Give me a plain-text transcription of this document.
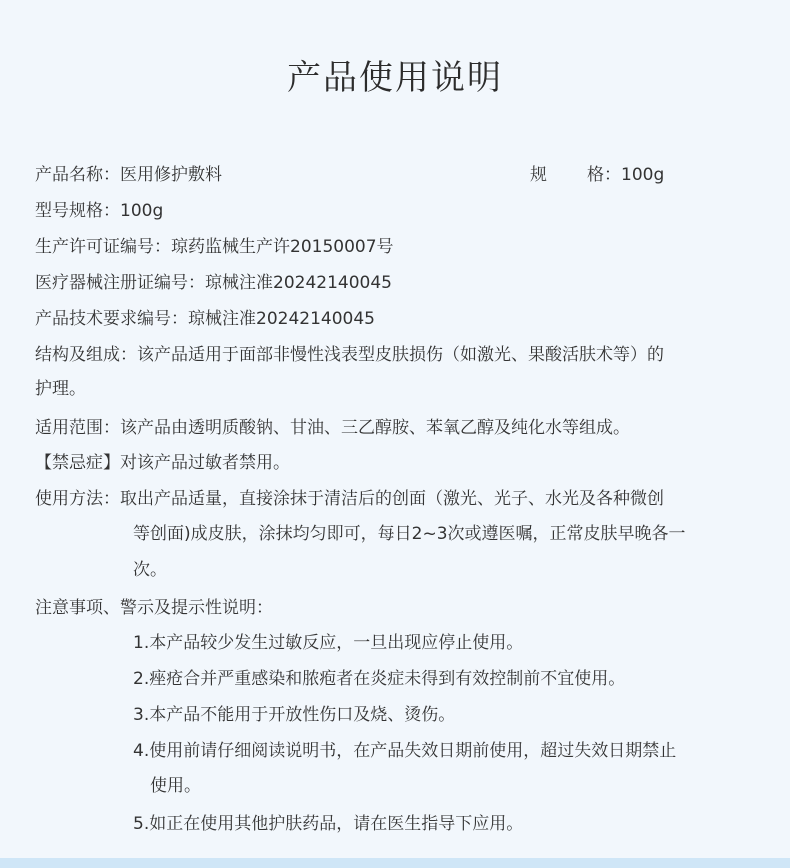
产品使用说明
产品名称：医用修护敷料	规 格：100g
型号规格：100g
生产许可证编号：琼药监械生产许20150007号
医疗器械注册证编号：琼械注准20242140045
产品技术要求编号：琼械注准20242140045
结构及组成：该产品适用于面部非慢性浅表型皮肤损伤（如激光、果酸活肤术等）的
护理。
适用范围：该产品由透明质酸钠、甘油、三乙醇胺、苯氧乙醇及纯化水等组成。
【禁忌症】对该产品过敏者禁用。
使用方法：取出产品适量，直接涂抹于清洁后的创面（激光、光子、水光及各种微创
等创面)成皮肤，涂抹均匀即可，每日2~3次或遵医嘱，正常皮肤早晚各一
次。
注意事项、警示及提示性说明：
1.本产品较少发生过敏反应，一旦出现应停止使用。
2.痤疮合并严重感染和脓疱者在炎症未得到有效控制前不宜使用。
3.本产品不能用于开放性伤口及烧、烫伤。
4.使用前请仔细阅读说明书，在产品失效日期前使用，超过失效日期禁止
使用。
5.如正在使用其他护肤药品，请在医生指导下应用。
